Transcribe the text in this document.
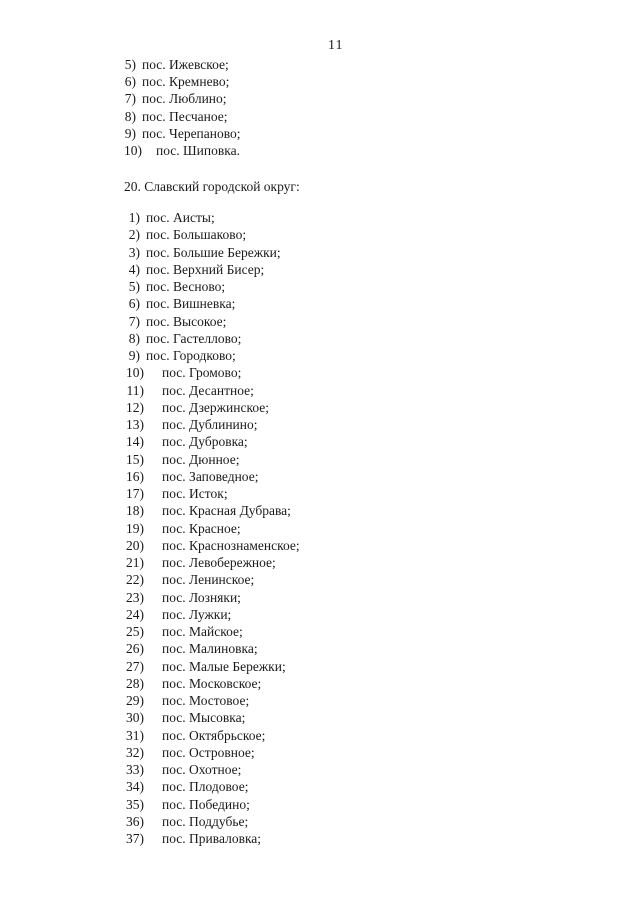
11
5) пос. Ижевское;
6) пос. Кремнево;
7) пос. Люблино;
8) пос. Песчаное;
9) пос. Черепаново;
10) пос. Шиповка.
20. Славский городской округ:
1) пос. Аисты;
2) пос. Большаково;
3) пос. Большие Бережки;
4) пос. Верхний Бисер;
5) пос. Весново;
6) пос. Вишневка;
7) пос. Высокое;
8) пос. Гастеллово;
9) пос. Городково;
10) пос. Громово;
11) пос. Десантное;
12) пос. Дзержинское;
13) пос. Дублинино;
14) пос. Дубровка;
15) пос. Дюнное;
16) пос. Заповедное;
17) пос. Исток;
18) пос. Красная Дубрава;
19) пос. Красное;
20) пос. Краснознаменское;
21) пос. Левобережное;
22) пос. Ленинское;
23) пос. Лозняки;
24) пос. Лужки;
25) пос. Майское;
26) пос. Малиновка;
27) пос. Малые Бережки;
28) пос. Московское;
29) пос. Мостовое;
30) пос. Мысовка;
31) пос. Октябрьское;
32) пос. Островное;
33) пос. Охотное;
34) пос. Плодовое;
35) пос. Победино;
36) пос. Поддубье;
37) пос. Приваловка;
